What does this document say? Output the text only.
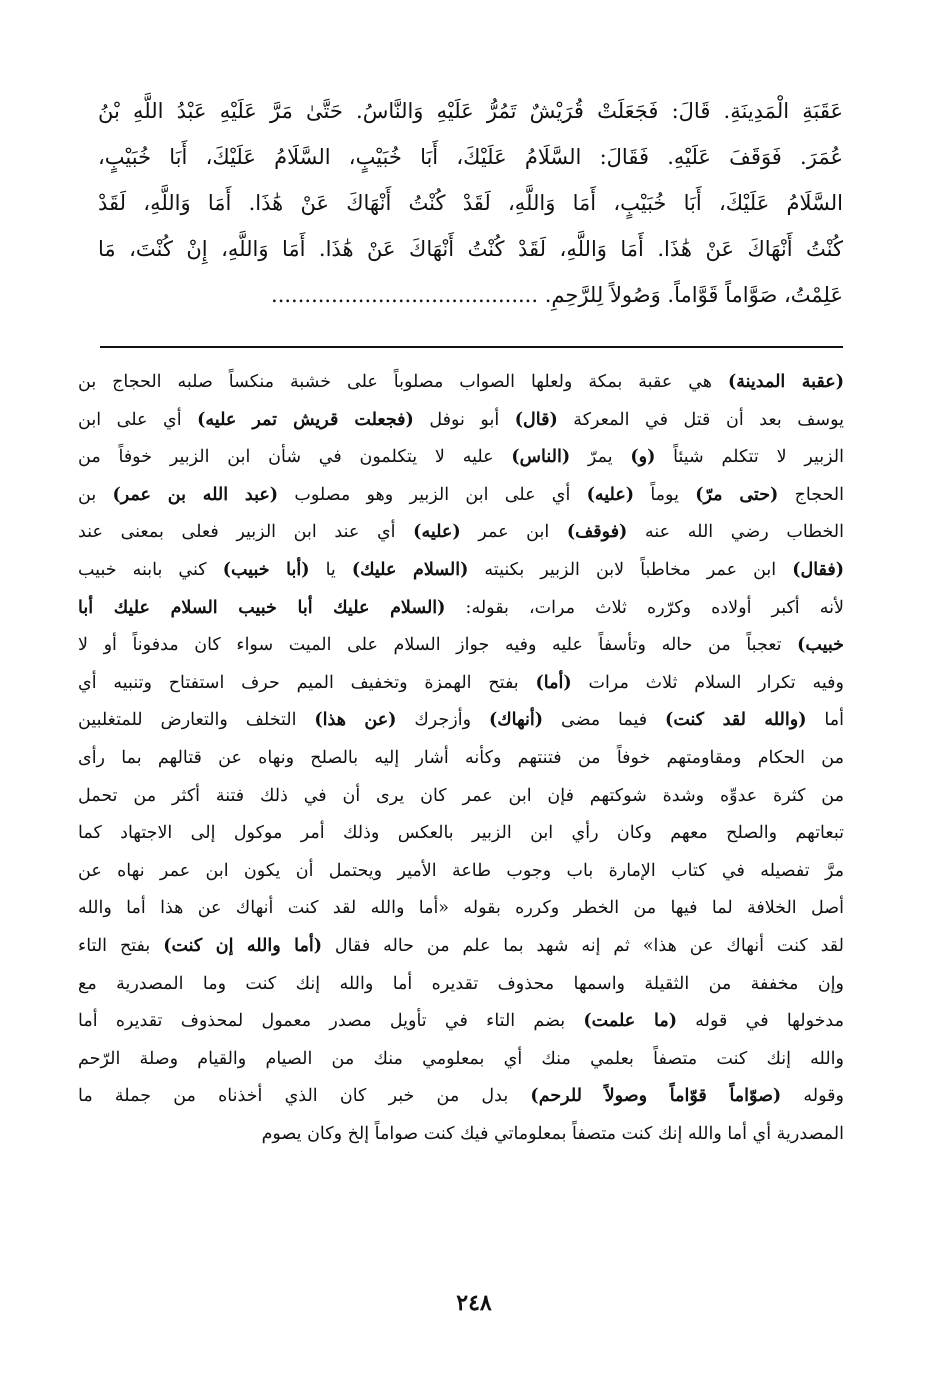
عَقَبَةِ الْمَدِينَةِ. قَالَ: فَجَعَلَتْ قُرَيْشٌ تَمُرُّ عَلَيْهِ وَالنَّاسُ. حَتَّىٰ مَرَّ عَلَيْهِ عَبْدُ اللَّهِ بْنُ
عُمَرَ. فَوَقَفَ عَلَيْهِ. فَقَالَ: السَّلَامُ عَلَيْكَ، أَبَا خُبَيْبٍ، السَّلَامُ عَلَيْكَ، أَبَا خُبَيْبٍ،
السَّلَامُ عَلَيْكَ، أَبَا خُبَيْبٍ، أَمَا وَاللَّهِ، لَقَدْ كُنْتُ أَنْهَاكَ عَنْ هَٰذَا. أَمَا وَاللَّهِ، لَقَدْ
كُنْتُ أَنْهَاكَ عَنْ هَٰذَا. أَمَا وَاللَّهِ، لَقَدْ كُنْتُ أَنْهَاكَ عَنْ هَٰذَا. أَمَا وَاللَّهِ، إِنْ كُنْتَ، مَا
عَلِمْتُ، صَوَّاماً قَوَّاماً. وَصُولاً لِلرَّحِمِ. ........................................
(عقبة المدينة) هي عقبة بمكة ولعلها الصواب مصلوباً على خشبة منكساً صلبه الحجاج بن
يوسف بعد أن قتل في المعركة (قال) أبو نوفل (فجعلت قريش تمر عليه) أي على ابن
الزبير لا تتكلم شيئاً (و) يمرّ (الناس) عليه لا يتكلمون في شأن ابن الزبير خوفاً من
الحجاج (حتى مرّ) يوماً (عليه) أي على ابن الزبير وهو مصلوب (عبد الله بن عمر) بن
الخطاب رضي الله عنه (فوقف) ابن عمر (عليه) أي عند ابن الزبير فعلى بمعنى عند
(فقال) ابن عمر مخاطباً لابن الزبير بكنيته (السلام عليك) يا (أبا خبيب) كني بابنه خبيب
لأنه أكبر أولاده وكرّره ثلاث مرات، بقوله: (السلام عليك أبا خبيب السلام عليك أبا
خبيب) تعجباً من حاله وتأسفاً عليه وفيه جواز السلام على الميت سواء كان مدفوناً أو لا
وفيه تكرار السلام ثلاث مرات (أما) بفتح الهمزة وتخفيف الميم حرف استفتاح وتنبيه أي
أما (والله لقد كنت) فيما مضى (أنهاك) وأزجرك (عن هذا) التخلف والتعارض للمتغلبين
من الحكام ومقاومتهم خوفاً من فتنتهم وكأنه أشار إليه بالصلح ونهاه عن قتالهم بما رأى
من كثرة عدوِّه وشدة شوكتهم فإن ابن عمر كان يرى أن في ذلك فتنة أكثر من تحمل
تبعاتهم والصلح معهم وكان رأي ابن الزبير بالعكس وذلك أمر موكول إلى الاجتهاد كما
مرَّ تفصيله في كتاب الإمارة باب وجوب طاعة الأمير ويحتمل أن يكون ابن عمر نهاه عن
أصل الخلافة لما فيها من الخطر وكرره بقوله «أما والله لقد كنت أنهاك عن هذا أما والله
لقد كنت أنهاك عن هذا» ثم إنه شهد بما علم من حاله فقال (أما والله إن كنت) بفتح التاء
وإن مخففة من الثقيلة واسمها محذوف تقديره أما والله إنك كنت وما المصدرية مع
مدخولها في قوله (ما علمت) بضم التاء في تأويل مصدر معمول لمحذوف تقديره أما
والله إنك كنت متصفاً بعلمي منك أي بمعلومي منك من الصيام والقيام وصلة الرّحم
وقوله (صوّاماً قوّاماً وصولاً للرحم) بدل من خبر كان الذي أخذناه من جملة ما
المصدرية أي أما والله إنك كنت متصفاً بمعلوماتي فيك كنت صواماً إلخ وكان يصوم
٢٤٨
